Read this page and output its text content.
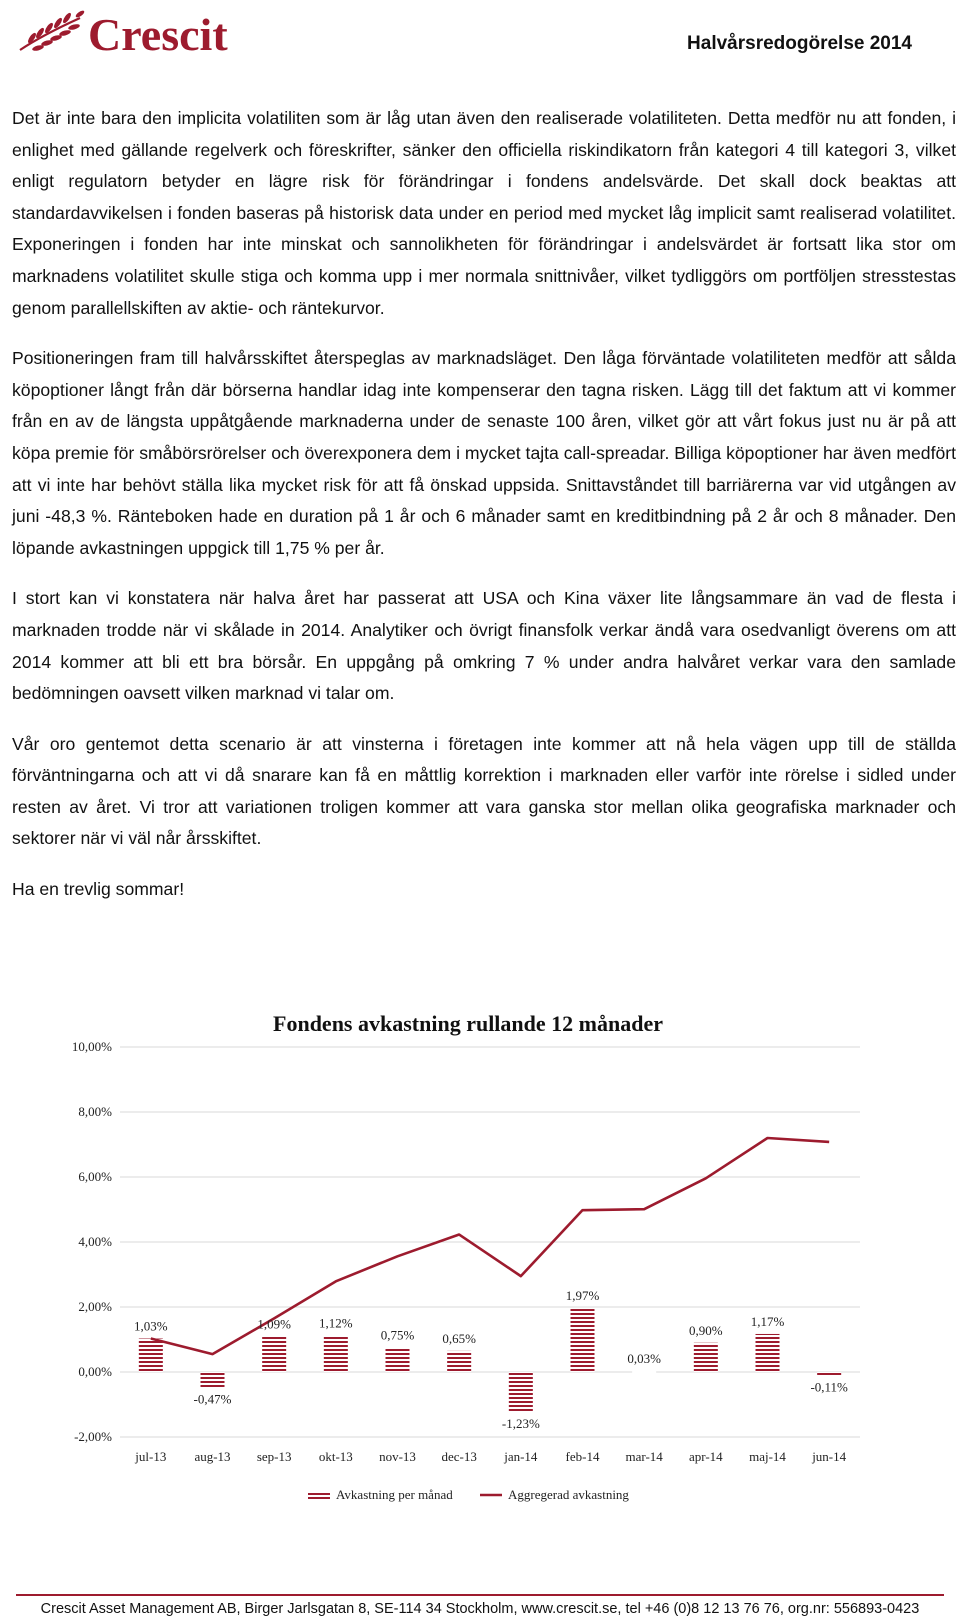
Crescit	Halvårsredogörelse 2014

Det är inte bara den implicita volatiliten som är låg utan även den realiserade volatiliteten. Detta medför nu att fonden, i enlighet med gällande regelverk och föreskrifter, sänker den officiella riskindikatorn från kategori 4 till kategori 3, vilket enligt regulatorn betyder en lägre risk för förändringar i fondens andelsvärde. Det skall dock beaktas att standardavvikelsen i fonden baseras på historisk data under en period med mycket låg implicit samt realiserad volatilitet. Exponeringen i fonden har inte minskat och sannolikheten för förändringar i andelsvärdet är fortsatt lika stor om marknadens volatilitet skulle stiga och komma upp i mer normala snittnivåer, vilket tydliggörs om portföljen stresstestas genom parallellskiften av aktie- och räntekurvor.

Positioneringen fram till halvårsskiftet återspeglas av marknadsläget. Den låga förväntade volatiliteten medför att sålda köpoptioner långt från där börserna handlar idag inte kompenserar den tagna risken. Lägg till det faktum att vi kommer från en av de längsta uppåtgående marknaderna under de senaste 100 åren, vilket gör att vårt fokus just nu är på att köpa premie för småbörsrörelser och överexponera dem i mycket tajta call-spreadar. Billiga köpoptioner har även medfört att vi inte har behövt ställa lika mycket risk för att få önskad uppsida. Snittavståndet till barriärerna var vid utgången av juni -48,3 %. Ränteboken hade en duration på 1 år och 6 månader samt en kreditbindning på 2 år och 8 månader. Den löpande avkastningen uppgick till 1,75 % per år.

I stort kan vi konstatera när halva året har passerat att USA och Kina växer lite långsammare än vad de flesta i marknaden trodde när vi skålade in 2014. Analytiker och övrigt finansfolk verkar ändå vara osedvanligt överens om att 2014 kommer att bli ett bra börsår. En uppgång på omkring 7 % under andra halvåret verkar vara den samlade bedömningen oavsett vilken marknad vi talar om.

Vår oro gentemot detta scenario är att vinsterna i företagen inte kommer att nå hela vägen upp till de ställda förväntningarna och att vi då snarare kan få en måttlig korrektion i marknaden eller varför inte rörelse i sidled under resten av året. Vi tror att variationen troligen kommer att vara ganska stor mellan olika geografiska marknader och sektorer när vi väl når årsskiftet.

Ha en trevlig sommar!

Fondens avkastning rullande 12 månader
10,00%
8,00%
6,00%
4,00%
2,00%
0,00%
-2,00%
1,03%
-0,47%
1,09% 1,12%
0,75% 0,65%
-1,23%
1,97%
0,03%
0,90%
1,17%
-0,11%
jul-13 aug-13 sep-13 okt-13 nov-13 dec-13 jan-14 feb-14 mar-14 apr-14 maj-14 jun-14
Avkastning per månad	Aggregerad avkastning
Crescit Asset Management AB, Birger Jarlsgatan 8, SE-114 34 Stockholm, www.crescit.se, tel +46 (0)8 12 13 76 76, org.nr: 556893-0423
